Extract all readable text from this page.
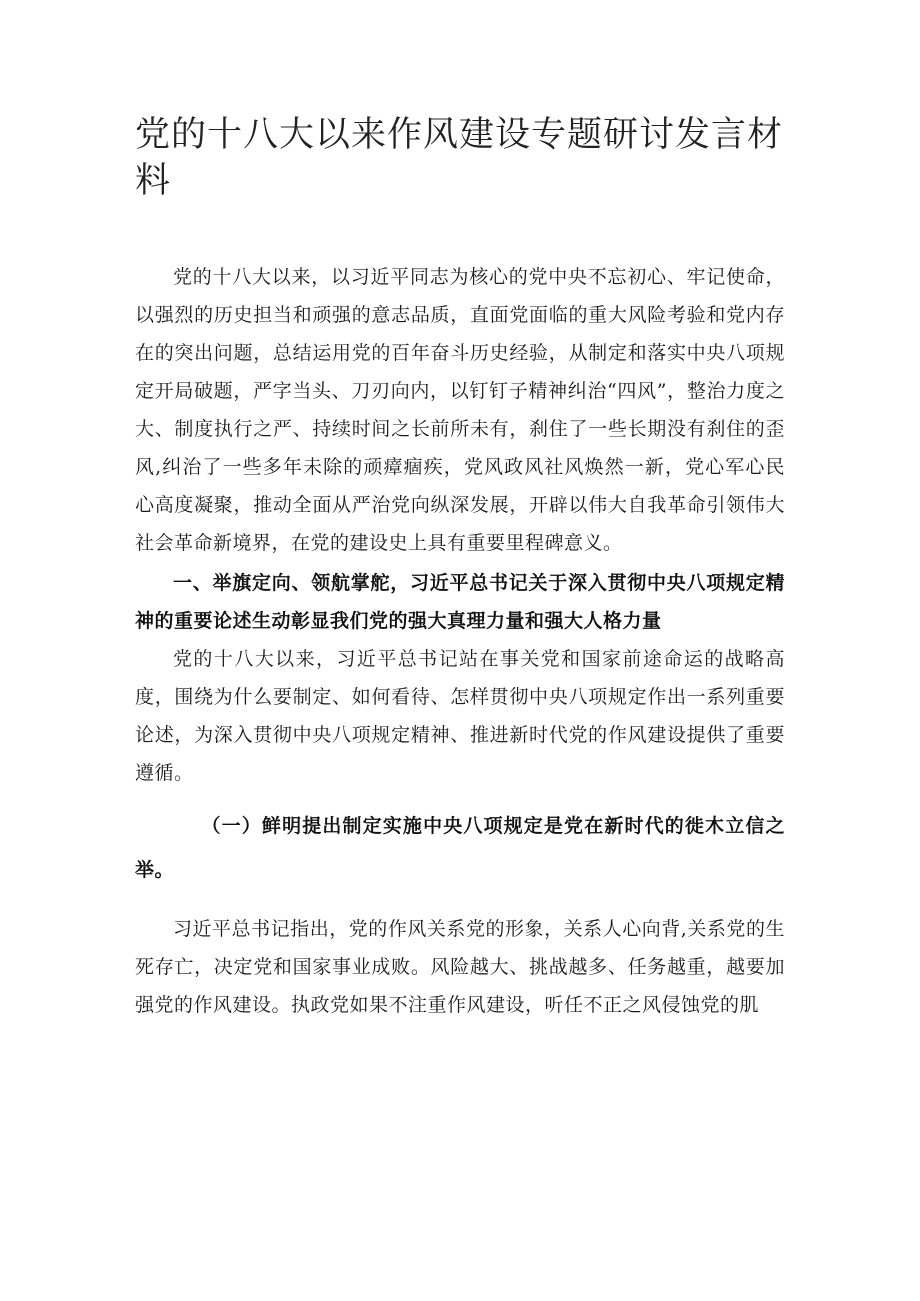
党的十八大以来作风建设专题研讨发言材料

党的十八大以来，以习近平同志为核心的党中央不忘初心、牢记使命，以强烈的历史担当和顽强的意志品质，直面党面临的重大风险考验和党内存在的突出问题，总结运用党的百年奋斗历史经验，从制定和落实中央八项规定开局破题，严字当头、刀刃向内，以钉钉子精神纠治“四风”，整治力度之大、制度执行之严、持续时间之长前所未有，刹住了一些长期没有刹住的歪风,纠治了一些多年未除的顽瘴痼疾，党风政风社风焕然一新，党心军心民心高度凝聚，推动全面从严治党向纵深发展，开辟以伟大自我革命引领伟大社会革命新境界，在党的建设史上具有重要里程碑意义。

一、举旗定向、领航掌舵，习近平总书记关于深入贯彻中央八项规定精神的重要论述生动彰显我们党的强大真理力量和强大人格力量

党的十八大以来，习近平总书记站在事关党和国家前途命运的战略高度，围绕为什么要制定、如何看待、怎样贯彻中央八项规定作出一系列重要论述，为深入贯彻中央八项规定精神、推进新时代党的作风建设提供了重要遵循。

（一）鲜明提出制定实施中央八项规定是党在新时代的徙木立信之举。

习近平总书记指出，党的作风关系党的形象，关系人心向背,关系党的生死存亡，决定党和国家事业成败。风险越大、挑战越多、任务越重，越要加强党的作风建设。执政党如果不注重作风建设，听任不正之风侵蚀党的肌
